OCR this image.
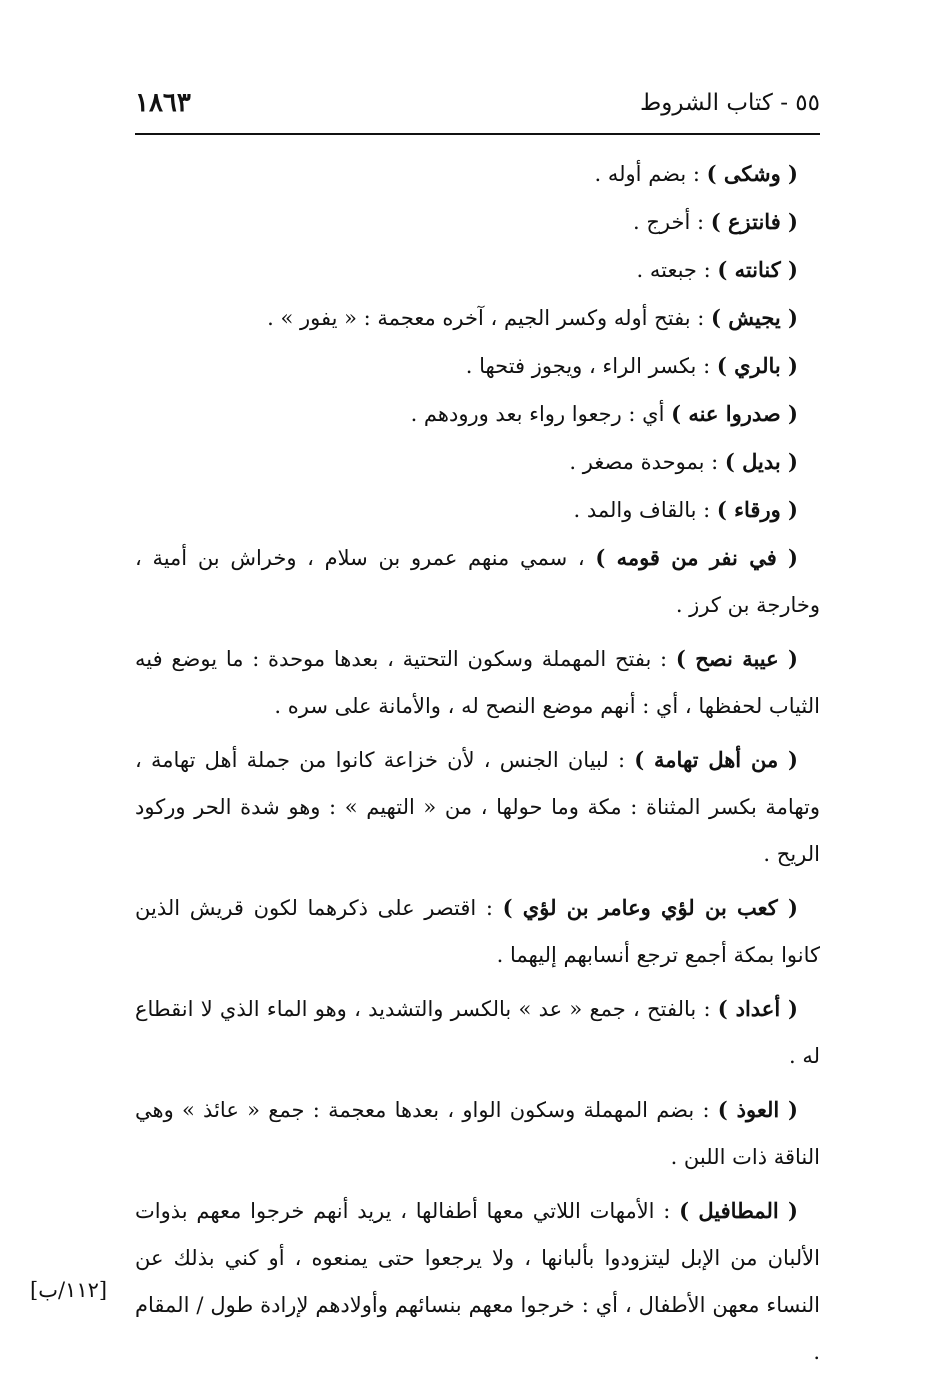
١٨٦٣	٥٥ - كتاب الشروط

( وشكى ) : بضم أوله .

( فانتزع ) : أخرج .

( كنانته ) : جبعته .

( يجيش ) : بفتح أوله وكسر الجيم ، آخره معجمة : « يفور » .

( بالري ) : بكسر الراء ، ويجوز فتحها .

( صدروا عنه ) أي : رجعوا رواء بعد ورودهم .

( بديل ) : بموحدة مصغر .

( ورقاء ) : بالقاف والمد .

( في نفر من قومه ) ، سمي منهم عمرو بن سلام ، وخراش بن أمية ، وخارجة بن كرز .

( عيبة نصح ) : بفتح المهملة وسكون التحتية ، بعدها موحدة : ما يوضع فيه الثياب لحفظها ، أي : أنهم موضع النصح له ، والأمانة على سره .

( من أهل تهامة ) : لبيان الجنس ، لأن خزاعة كانوا من جملة أهل تهامة ، وتهامة بكسر المثناة : مكة وما حولها ، من « التهيم » : وهو شدة الحر وركود الريح .

( كعب بن لؤي وعامر بن لؤي ) : اقتصر على ذكرهما لكون قريش الذين كانوا بمكة أجمع ترجع أنسابهم إليهما .

( أعداد ) : بالفتح ، جمع « عد » بالكسر والتشديد ، وهو الماء الذي لا انقطاع له .

( العوذ ) : بضم المهملة وسكون الواو ، بعدها معجمة : جمع « عائذ » وهي الناقة ذات اللبن .

( المطافيل ) : الأمهات اللاتي معها أطفالها ، يريد أنهم خرجوا معهم بذوات الألبان من الإبل ليتزودوا بألبانها ، ولا يرجعوا حتى يمنعوه ، أو كني بذلك عن النساء معهن الأطفال ، أي : خرجوا معهم بنسائهم وأولادهم لإرادة طول / المقام .

[١١٢/ب]
